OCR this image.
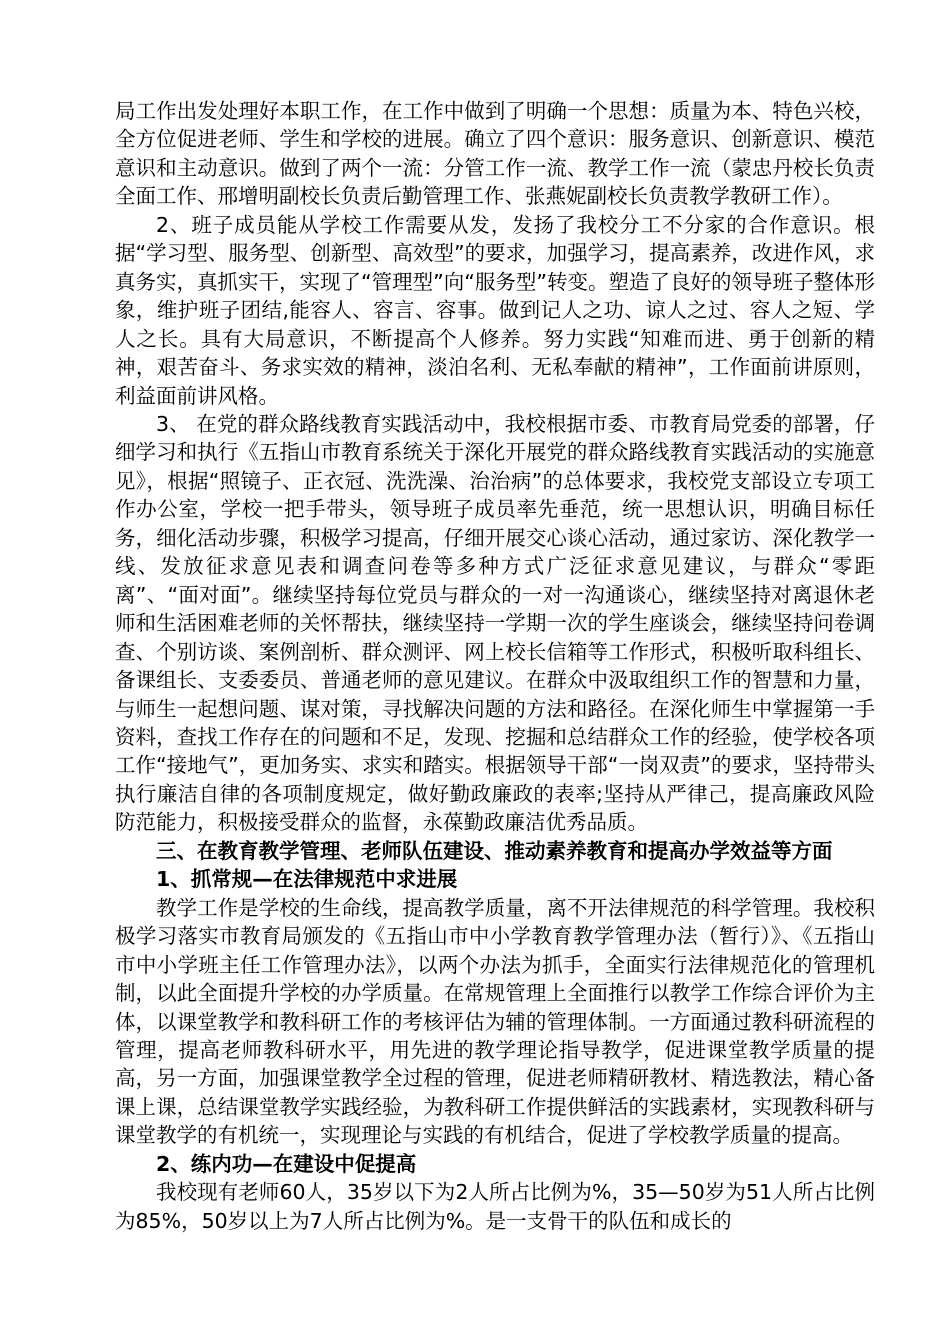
局工作出发处理好本职工作，在工作中做到了明确一个思想：质量为本、特色兴校，全方位促进老师、学生和学校的进展。确立了四个意识：服务意识、创新意识、模范意识和主动意识。做到了两个一流：分管工作一流、教学工作一流（蒙忠丹校长负责全面工作、邢增明副校长负责后勤管理工作、张燕妮副校长负责教学教研工作）。

2、班子成员能从学校工作需要从发，发扬了我校分工不分家的合作意识。根据“学习型、服务型、创新型、高效型”的要求，加强学习，提高素养，改进作风，求真务实，真抓实干，实现了“管理型”向“服务型”转变。塑造了良好的领导班子整体形象，维护班子团结,能容人、容言、容事。做到记人之功、谅人之过、容人之短、学人之长。具有大局意识，不断提高个人修养。努力实践“知难而进、勇于创新的精神，艰苦奋斗、务求实效的精神，淡泊名利、无私奉献的精神”，工作面前讲原则，利益面前讲风格。

3、 在党的群众路线教育实践活动中，我校根据市委、市教育局党委的部署，仔细学习和执行《五指山市教育系统关于深化开展党的群众路线教育实践活动的实施意见》，根据“照镜子、正衣冠、洗洗澡、治治病”的总体要求，我校党支部设立专项工作办公室，学校一把手带头，领导班子成员率先垂范，统一思想认识，明确目标任务，细化活动步骤，积极学习提高，仔细开展交心谈心活动，通过家访、深化教学一线、发放征求意见表和调查问卷等多种方式广泛征求意见建议，与群众“零距离”、“面对面”。继续坚持每位党员与群众的一对一沟通谈心，继续坚持对离退休老师和生活困难老师的关怀帮扶，继续坚持一学期一次的学生座谈会，继续坚持问卷调查、个别访谈、案例剖析、群众测评、网上校长信箱等工作形式，积极听取科组长、备课组长、支委委员、普通老师的意见建议。在群众中汲取组织工作的智慧和力量，与师生一起想问题、谋对策，寻找解决问题的方法和路径。在深化师生中掌握第一手资料，查找工作存在的问题和不足，发现、挖掘和总结群众工作的经验，使学校各项工作“接地气”，更加务实、求实和踏实。根据领导干部“一岗双责”的要求，坚持带头执行廉洁自律的各项制度规定，做好勤政廉政的表率;坚持从严律己，提高廉政风险防范能力，积极接受群众的监督，永葆勤政廉洁优秀品质。

三、在教育教学管理、老师队伍建设、推动素养教育和提高办学效益等方面

1、抓常规—在法律规范中求进展

教学工作是学校的生命线，提高教学质量，离不开法律规范的科学管理。我校积极学习落实市教育局颁发的《五指山市中小学教育教学管理办法（暂行）》、《五指山市中小学班主任工作管理办法》，以两个办法为抓手，全面实行法律规范化的管理机制，以此全面提升学校的办学质量。在常规管理上全面推行以教学工作综合评价为主体，以课堂教学和教科研工作的考核评估为辅的管理体制。一方面通过教科研流程的管理，提高老师教科研水平，用先进的教学理论指导教学，促进课堂教学质量的提高，另一方面，加强课堂教学全过程的管理，促进老师精研教材、精选教法，精心备课上课，总结课堂教学实践经验，为教科研工作提供鲜活的实践素材，实现教科研与课堂教学的有机统一，实现理论与实践的有机结合，促进了学校教学质量的提高。

2、练内功—在建设中促提高

我校现有老师60人，35岁以下为2人所占比例为%，35—50岁为51人所占比例为85%，50岁以上为7人所占比例为%。是一支骨干的队伍和成长的
